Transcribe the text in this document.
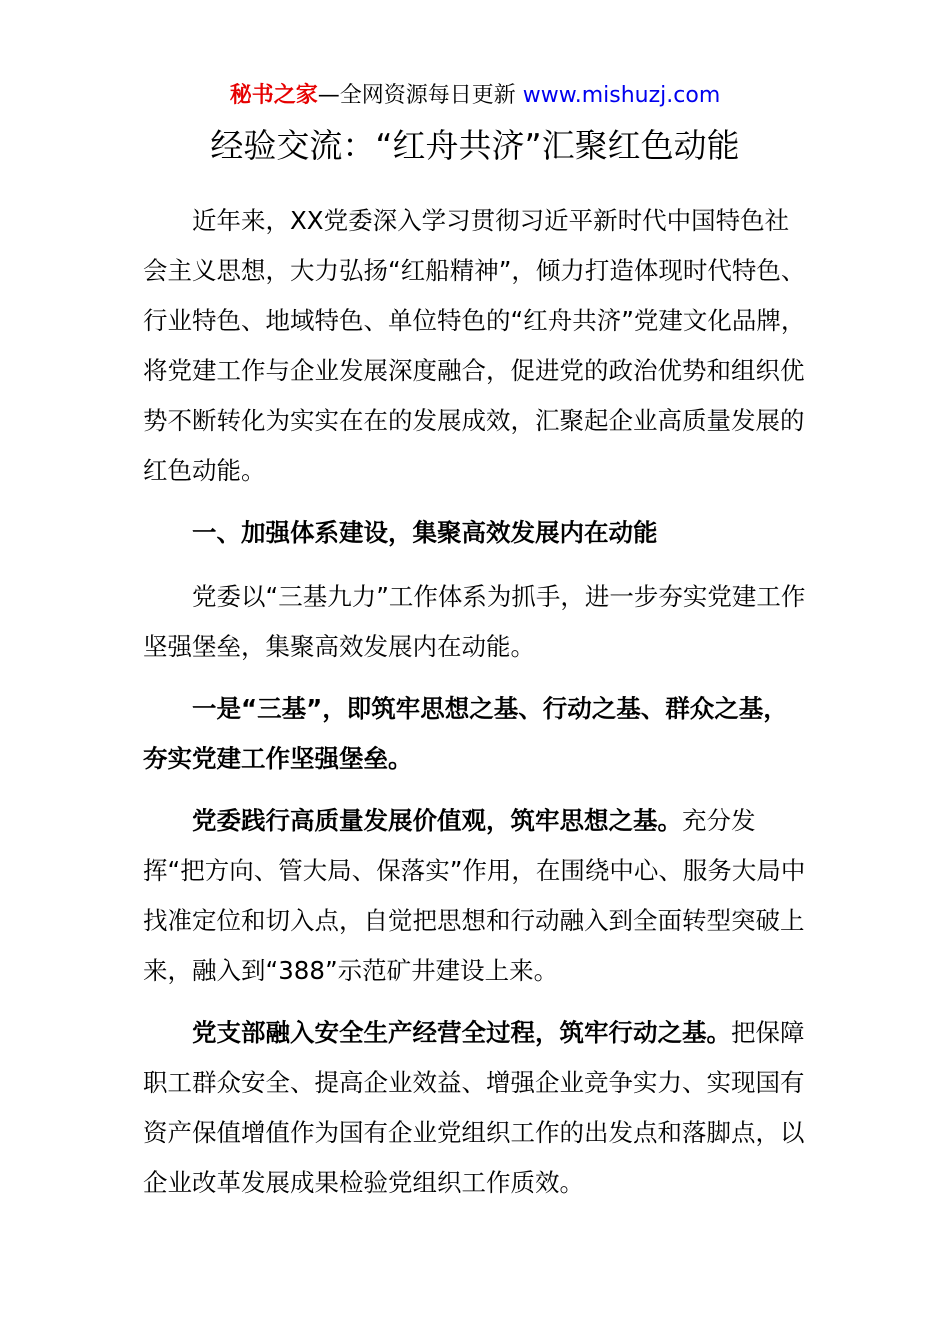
秘书之家—全网资源每日更新 www.mishuzj.com
经验交流：“红舟共济”汇聚红色动能

近年来，XX党委深入学习贯彻习近平新时代中国特色社会主义思想，大力弘扬“红船精神”，倾力打造体现时代特色、行业特色、地域特色、单位特色的“红舟共济”党建文化品牌，将党建工作与企业发展深度融合，促进党的政治优势和组织优势不断转化为实实在在的发展成效，汇聚起企业高质量发展的红色动能。

一、加强体系建设，集聚高效发展内在动能

党委以“三基九力”工作体系为抓手，进一步夯实党建工作坚强堡垒，集聚高效发展内在动能。

一是“三基”，即筑牢思想之基、行动之基、群众之基，夯实党建工作坚强堡垒。

党委践行高质量发展价值观，筑牢思想之基。充分发挥“把方向、管大局、保落实”作用，在围绕中心、服务大局中找准定位和切入点，自觉把思想和行动融入到全面转型突破上来，融入到“388”示范矿井建设上来。

党支部融入安全生产经营全过程，筑牢行动之基。把保障职工群众安全、提高企业效益、增强企业竞争实力、实现国有资产保值增值作为国有企业党组织工作的出发点和落脚点，以企业改革发展成果检验党组织工作质效。
